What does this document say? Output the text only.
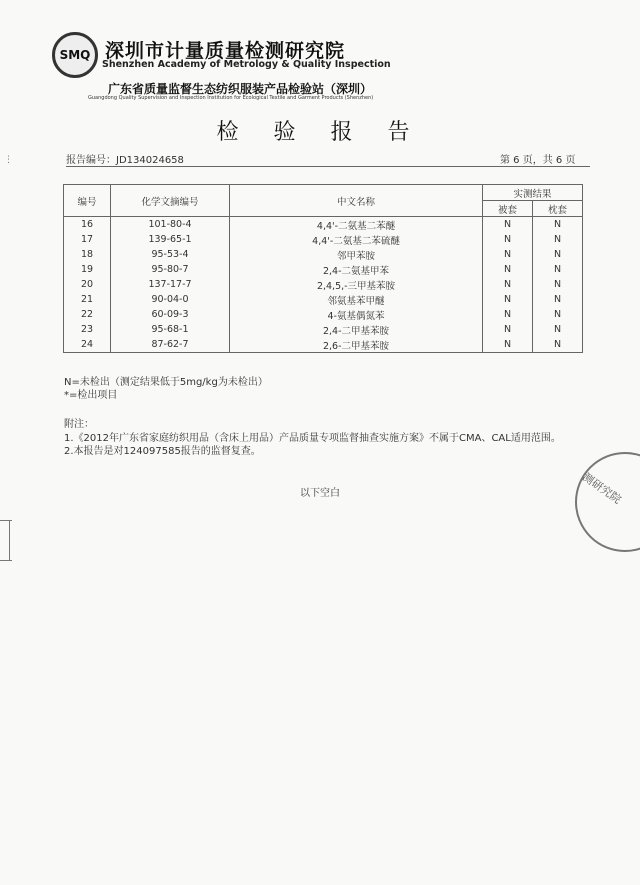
SMQ 深圳市计量质量检测研究院
Shenzhen Academy of Metrology & Quality Inspection
广东省质量监督生态纺织服装产品检验站（深圳）
Guangdong Quality Supervision and Inspection Institution for Ecological Textile and Garment Products (Shenzhen)
检 验 报 告
报告编号：JD134024658	第 6 页，共 6 页
编号	化学文摘编号	中文名称	实测结果	
			被套	枕套
16	101-80-4	4,4'-二氨基二苯醚	N	N
17	139-65-1	4,4'-二氨基二苯硫醚	N	N
18	95-53-4	邻甲苯胺	N	N
19	95-80-7	2,4-二氨基甲苯	N	N
20	137-17-7	2,4,5,-三甲基苯胺	N	N
21	90-04-0	邻氨基苯甲醚	N	N
22	60-09-3	4-氨基偶氮苯	N	N
23	95-68-1	2,4-二甲基苯胺	N	N
24	87-62-7	2,6-二甲基苯胺	N	N
N=未检出（测定结果低于5mg/kg为未检出）
*=检出项目
附注：
1.《2012年广东省家庭纺织用品（含床上用品）产品质量专项监督抽查实施方案》不属于CMA、CAL适用范围。
2.本报告是对124097585报告的监督复查。
以下空白	测研究院
⋮
